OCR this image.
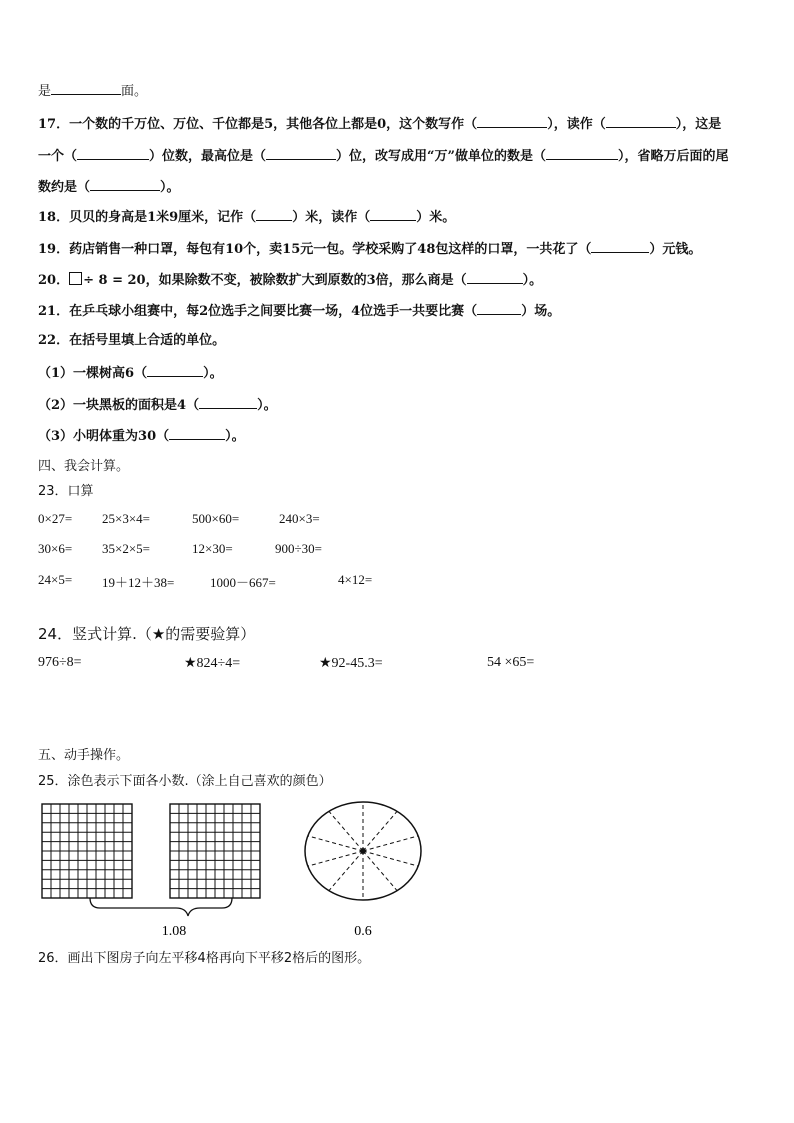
是	面。
17．一个数的千万位、万位、千位都是5，其他各位上都是0，这个数写作（	），读作（	），这是
一个（	）位数，最高位是（	）位，改写成用“万”做单位的数是（	），省略万后面的尾
数约是（	）。
18．贝贝的身高是1米9厘米，记作（	）米，读作（	）米。
19．药店销售一种口罩，每包有10个，卖15元一包。学校采购了48包这样的口罩，一共花了（	）元钱。
20． ÷ 8 = 20，如果除数不变，被除数扩大到原数的3倍，那么商是（	）。
21．在乒乓球小组赛中，每2位选手之间要比赛一场，4位选手一共要比赛（	）场。
22．在括号里填上合适的单位。
（1）一棵树高6（	）。
（2）一块黑板的面积是4（	）。
（3）小明体重为30（	）。
四、我会计算。
23．口算
0×27= 25×3×4=	500×60=	240×3=
30×6= 35×2×5=	12×30=	900÷30=
24×5= 19＋12＋38=	1000－667=	4×12=
24．竖式计算.（★的需要验算）
976÷8=	★824÷4=	★92-45.3=	54 ×65=
五、动手操作。
25．涂色表示下面各小数.（涂上自己喜欢的颜色）
1.08	0.6
26．画出下图房子向左平移4格再向下平移2格后的图形。
